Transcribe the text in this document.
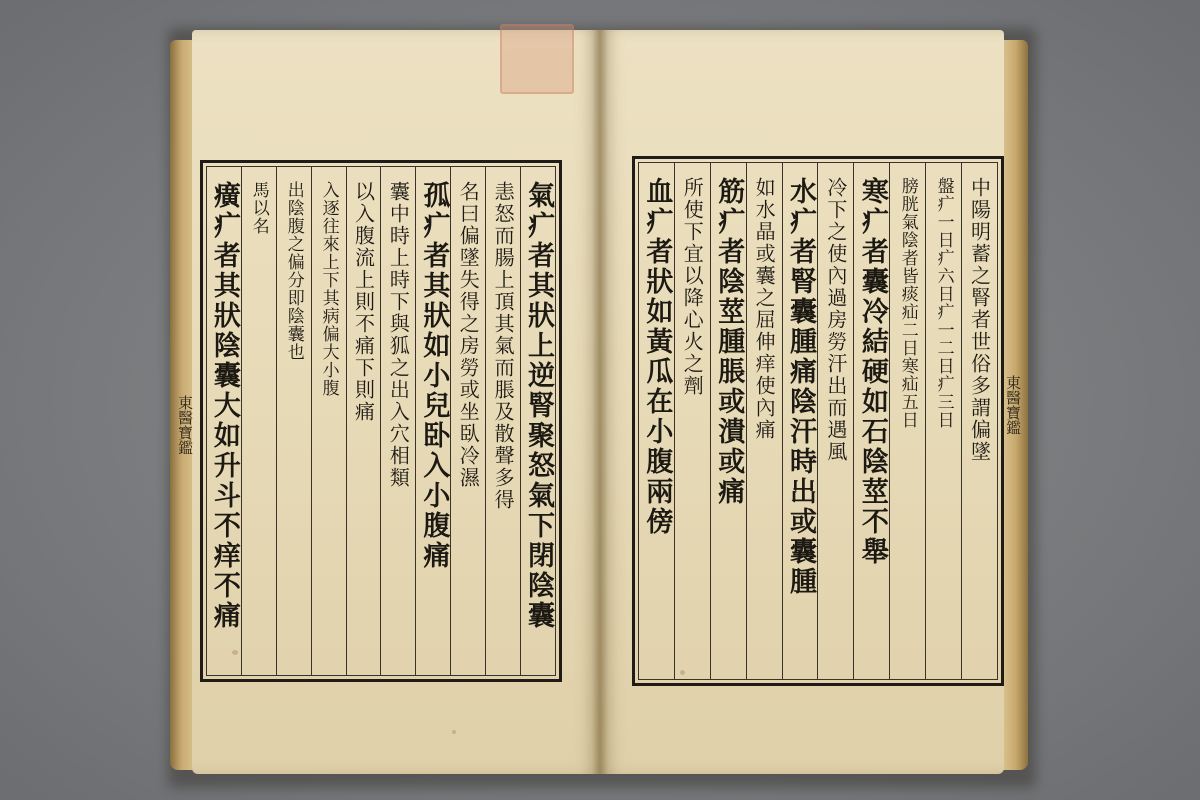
東醫寶鑑	東醫寶鑑
氣疒者其狀上逆腎聚怒氣下閉陰囊
恚怒而腸上頂其氣而脹及散聲多得
名曰偏墜失得之房勞或坐臥冷濕
孤疒者其狀如小兒卧入小腹痛
囊中時上時下與狐之出入穴相類
以入腹流上則不痛下則痛
入逐往來上下其病偏大小腹
出陰腹之偏分即陰囊也
馬以名
癀疒者其狀陰囊大如升斗不痒不痛	中陽明蓄之腎者世俗多謂偏墜
盤疒一日疒六日疒一二日疒三日
膀胱氣陰者皆痰疝二日寒疝五日
寒疒者囊冷結硬如石陰莖不舉
冷下之使內過房勞汗出而遇風
水疒者腎囊腫痛陰汗時出或囊腫
如水晶或囊之屈伸痒使內痛
筋疒者陰莖腫脹或潰或痛
所使下宜以降心火之劑
血疒者狀如黃瓜在小腹兩傍
